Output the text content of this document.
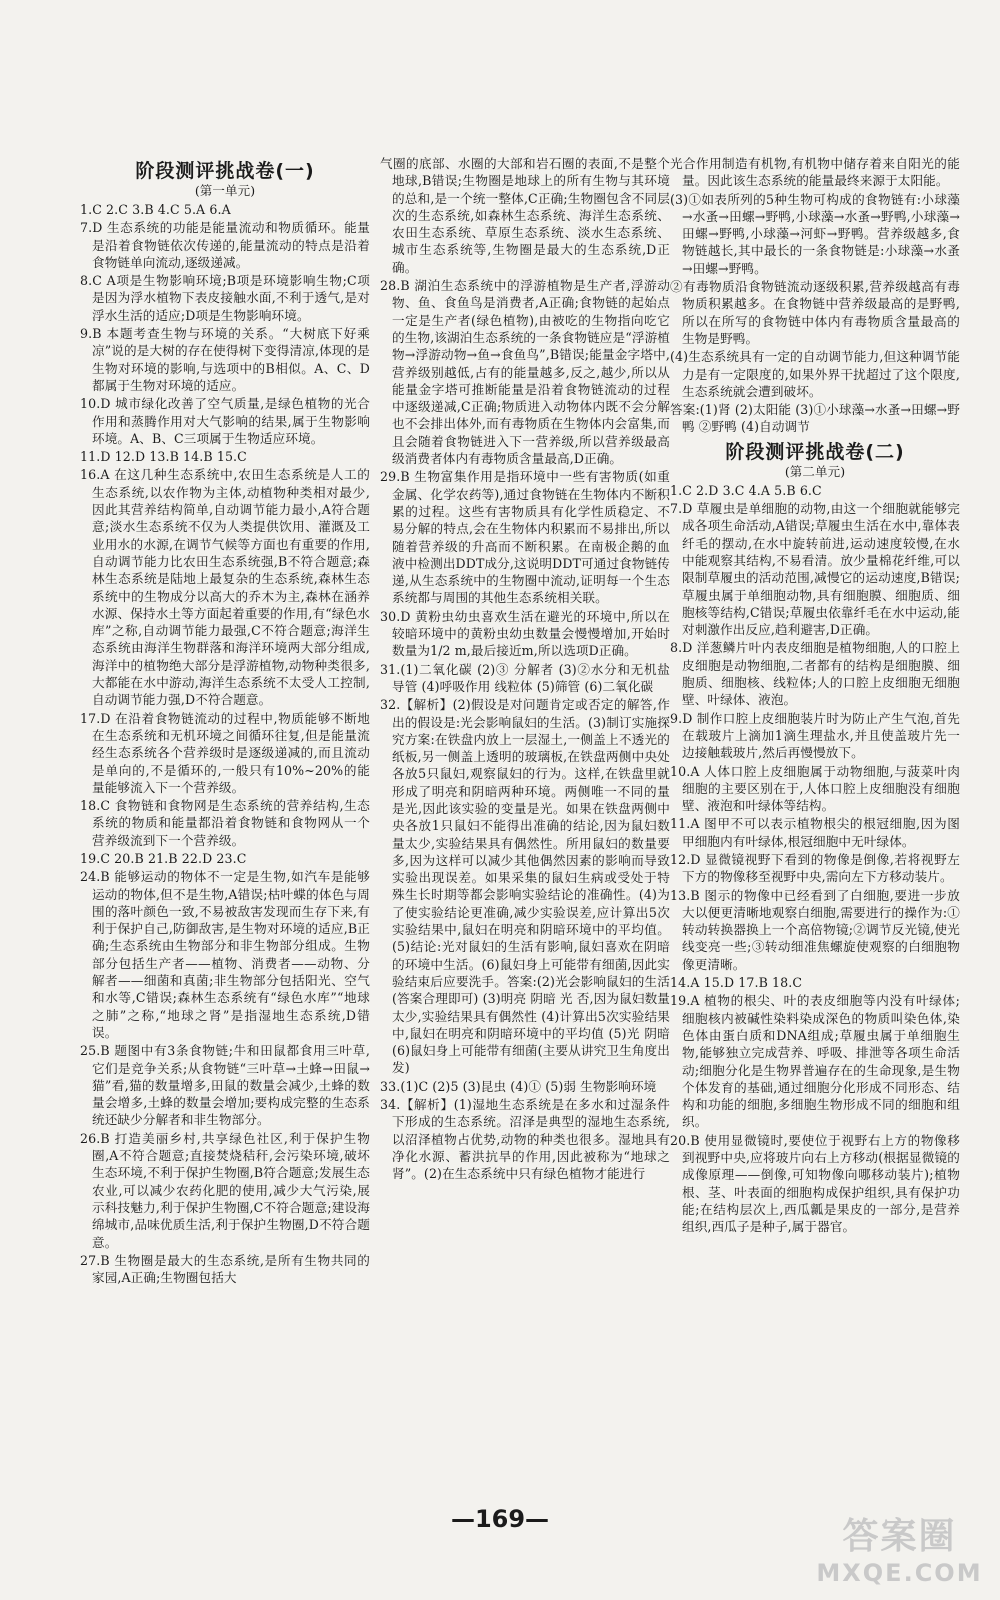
阶段测评挑战卷(一)
(第一单元)

1.C 2.C 3.B 4.C 5.A 6.A

7.D 生态系统的功能是能量流动和物质循环。能量是沿着食物链依次传递的,能量流动的特点是沿着食物链单向流动,逐级递减。

8.C A项是生物影响环境;B项是环境影响生物;C项是因为浮水植物下表皮接触水面,不利于透气,是对浮水生活的适应;D项是生物影响环境。

9.B 本题考查生物与环境的关系。“大树底下好乘凉”说的是大树的存在使得树下变得清凉,体现的是生物对环境的影响,与选项中的B相似。A、C、D都属于生物对环境的适应。

10.D 城市绿化改善了空气质量,是绿色植物的光合作用和蒸腾作用对大气影响的结果,属于生物影响环境。A、B、C三项属于生物适应环境。

11.D 12.D 13.B 14.B 15.C

16.A 在这几种生态系统中,农田生态系统是人工的生态系统,以农作物为主体,动植物种类相对最少,因此其营养结构简单,自动调节能力最小,A符合题意;淡水生态系统不仅为人类提供饮用、灌溉及工业用水的水源,在调节气候等方面也有重要的作用,自动调节能力比农田生态系统强,B不符合题意;森林生态系统是陆地上最复杂的生态系统,森林生态系统中的生物成分以高大的乔木为主,森林在涵养水源、保持水土等方面起着重要的作用,有“绿色水库”之称,自动调节能力最强,C不符合题意;海洋生态系统由海洋生物群落和海洋环境两大部分组成,海洋中的植物绝大部分是浮游植物,动物种类很多,大都能在水中游动,海洋生态系统不太受人工控制,自动调节能力强,D不符合题意。

17.D 在沿着食物链流动的过程中,物质能够不断地在生态系统和无机环境之间循环往复,但是能量流经生态系统各个营养级时是逐级递减的,而且流动是单向的,不是循环的,一般只有10%~20%的能量能够流入下一个营养级。

18.C 食物链和食物网是生态系统的营养结构,生态系统的物质和能量都沿着食物链和食物网从一个营养级流到下一个营养级。

19.C 20.B 21.B 22.D 23.C

24.B 能够运动的物体不一定是生物,如汽车是能够运动的物体,但不是生物,A错误;枯叶蝶的体色与周围的落叶颜色一致,不易被敌害发现而生存下来,有利于保护自己,防御敌害,是生物对环境的适应,B正确;生态系统由生物部分和非生物部分组成。生物部分包括生产者——植物、消费者——动物、分解者——细菌和真菌;非生物部分包括阳光、空气和水等,C错误;森林生态系统有“绿色水库”“地球之肺”之称,“地球之肾”是指湿地生态系统,D错误。

25.B 题图中有3条食物链;牛和田鼠都食用三叶草,它们是竞争关系;从食物链“三叶草→土蜂→田鼠→猫”看,猫的数量增多,田鼠的数量会减少,土蜂的数量会增多,土蜂的数量会增加;要构成完整的生态系统还缺少分解者和非生物部分。

26.B 打造美丽乡村,共享绿色社区,利于保护生物圈,A不符合题意;直接焚烧秸秆,会污染环境,破坏生态环境,不利于保护生物圈,B符合题意;发展生态农业,可以减少农药化肥的使用,减少大气污染,展示科技魅力,利于保护生物圈,C不符合题意;建设海绵城市,品味优质生活,利于保护生物圈,D不符合题意。

27.B 生物圈是最大的生态系统,是所有生物共同的家园,A正确;生物圈包括大

气圈的底部、水圈的大部和岩石圈的表面,不是整个地球,B错误;生物圈是地球上的所有生物与其环境的总和,是一个统一整体,C正确;生物圈包含不同层次的生态系统,如森林生态系统、海洋生态系统、农田生态系统、草原生态系统、淡水生态系统、城市生态系统等,生物圈是最大的生态系统,D正确。

28.B 湖泊生态系统中的浮游植物是生产者,浮游动物、鱼、食鱼鸟是消费者,A正确;食物链的起始点一定是生产者(绿色植物),由被吃的生物指向吃它的生物,该湖泊生态系统的一条食物链应是“浮游植物→浮游动物→鱼→食鱼鸟”,B错误;能量金字塔中,营养级别越低,占有的能量越多,反之,越少,所以从能量金字塔可推断能量是沿着食物链流动的过程中逐级递减,C正确;物质进入动物体内既不会分解也不会排出体外,而有毒物质在生物体内会富集,而且会随着食物链进入下一营养级,所以营养级最高级消费者体内有毒物质含量最高,D正确。

29.B 生物富集作用是指环境中一些有害物质(如重金属、化学农药等),通过食物链在生物体内不断积累的过程。这些有害物质具有化学性质稳定、不易分解的特点,会在生物体内积累而不易排出,所以随着营养级的升高而不断积累。在南极企鹅的血液中检测出DDT成分,这说明DDT可通过食物链传递,从生态系统中的生物圈中流动,证明每一个生态系统都与周围的其他生态系统相关联。

30.D 黄粉虫幼虫喜欢生活在避光的环境中,所以在较暗环境中的黄粉虫幼虫数量会慢慢增加,开始时数量为1/2 m,最后接近m,所以选项D正确。

31.(1)二氧化碳 (2)③ 分解者 (3)②水分和无机盐 导管 (4)呼吸作用 线粒体 (5)筛管 (6)二氧化碳

32.【解析】(2)假设是对问题肯定或否定的解答,作出的假设是:光会影响鼠妇的生活。(3)制订实施探究方案:在铁盘内放上一层湿土,一侧盖上不透光的纸板,另一侧盖上透明的玻璃板,在铁盘两侧中央处各放5只鼠妇,观察鼠妇的行为。这样,在铁盘里就形成了明亮和阴暗两种环境。两侧唯一不同的量是光,因此该实验的变量是光。如果在铁盘两侧中央各放1只鼠妇不能得出准确的结论,因为鼠妇数量太少,实验结果具有偶然性。所用鼠妇的数量要多,因为这样可以减少其他偶然因素的影响而导致实验出现误差。如果采集的鼠妇生病或受处于特殊生长时期等都会影响实验结论的准确性。(4)为了使实验结论更准确,减少实验误差,应计算出5次实验结果中,鼠妇在明亮和阴暗环境中的平均值。(5)结论:光对鼠妇的生活有影响,鼠妇喜欢在阴暗的环境中生活。(6)鼠妇身上可能带有细菌,因此实验结束后应要洗手。答案:(2)光会影响鼠妇的生活(答案合理即可) (3)明亮 阴暗 光 否,因为鼠妇数量太少,实验结果具有偶然性 (4)计算出5次实验结果中,鼠妇在明亮和阴暗环境中的平均值 (5)光 阴暗 (6)鼠妇身上可能带有细菌(主要从讲究卫生角度出发)

33.(1)C (2)5 (3)昆虫 (4)① (5)弱 生物影响环境

34.【解析】(1)湿地生态系统是在多水和过湿条件下形成的生态系统。沼泽是典型的湿地生态系统,以沼泽植物占优势,动物的种类也很多。湿地具有净化水源、蓄洪抗旱的作用,因此被称为“地球之肾”。(2)在生态系统中只有绿色植物才能进行

光合作用制造有机物,有机物中储存着来自阳光的能量。因此该生态系统的能量最终来源于太阳能。

(3)①如表所列的5种生物可构成的食物链有:小球藻→水蚤→田螺→野鸭,小球藻→水蚤→野鸭,小球藻→田螺→野鸭,小球藻→河虾→野鸭。营养级越多,食物链越长,其中最长的一条食物链是:小球藻→水蚤→田螺→野鸭。

②有毒物质沿食物链流动逐级积累,营养级越高有毒物质积累越多。在食物链中营养级最高的是野鸭,所以在所写的食物链中体内有毒物质含量最高的生物是野鸭。

(4)生态系统具有一定的自动调节能力,但这种调节能力是有一定限度的,如果外界干扰超过了这个限度,生态系统就会遭到破坏。

答案:(1)肾 (2)太阳能 (3)①小球藻→水蚤→田螺→野鸭 ②野鸭 (4)自动调节

阶段测评挑战卷(二)
(第二单元)

1.C 2.D 3.C 4.A 5.B 6.C

7.D 草履虫是单细胞的动物,由这一个细胞就能够完成各项生命活动,A错误;草履虫生活在水中,靠体表纤毛的摆动,在水中旋转前进,运动速度较慢,在水中能观察其结构,不易看清。放少量棉花纤维,可以限制草履虫的活动范围,减慢它的运动速度,B错误;草履虫属于单细胞动物,具有细胞膜、细胞质、细胞核等结构,C错误;草履虫依靠纤毛在水中运动,能对刺激作出反应,趋利避害,D正确。

8.D 洋葱鳞片叶内表皮细胞是植物细胞,人的口腔上皮细胞是动物细胞,二者都有的结构是细胞膜、细胞质、细胞核、线粒体;人的口腔上皮细胞无细胞壁、叶绿体、液泡。

9.D 制作口腔上皮细胞装片时为防止产生气泡,首先在载玻片上滴加1滴生理盐水,并且使盖玻片先一边接触载玻片,然后再慢慢放下。

10.A 人体口腔上皮细胞属于动物细胞,与菠菜叶肉细胞的主要区别在于,人体口腔上皮细胞没有细胞壁、液泡和叶绿体等结构。

11.A 图甲不可以表示植物根尖的根冠细胞,因为图甲细胞内有叶绿体,根冠细胞中无叶绿体。

12.D 显微镜视野下看到的物像是倒像,若将视野左下方的物像移至视野中央,需向左下方移动装片。

13.B 图示的物像中已经看到了白细胞,要进一步放大以便更清晰地观察白细胞,需要进行的操作为:①转动转换器换上一个高倍物镜;②调节反光镜,使光线变亮一些;③转动细准焦螺旋使观察的白细胞物像更清晰。

14.A 15.D 17.B 18.C

19.A 植物的根尖、叶的表皮细胞等内没有叶绿体;细胞核内被碱性染料染成深色的物质叫染色体,染色体由蛋白质和DNA组成;草履虫属于单细胞生物,能够独立完成营养、呼吸、排泄等各项生命活动;细胞分化是生物界普遍存在的生命现象,是生物个体发育的基础,通过细胞分化形成不同形态、结构和功能的细胞,多细胞生物形成不同的细胞和组织。

20.B 使用显微镜时,要使位于视野右上方的物像移到视野中央,应将玻片向右上方移动(根据显微镜的成像原理——倒像,可知物像向哪移动装片);植物根、茎、叶表面的细胞构成保护组织,具有保护功能;在结构层次上,西瓜瓤是果皮的一部分,是营养组织,西瓜子是种子,属于器官。

—169—	答案圈
MXQE.COM
